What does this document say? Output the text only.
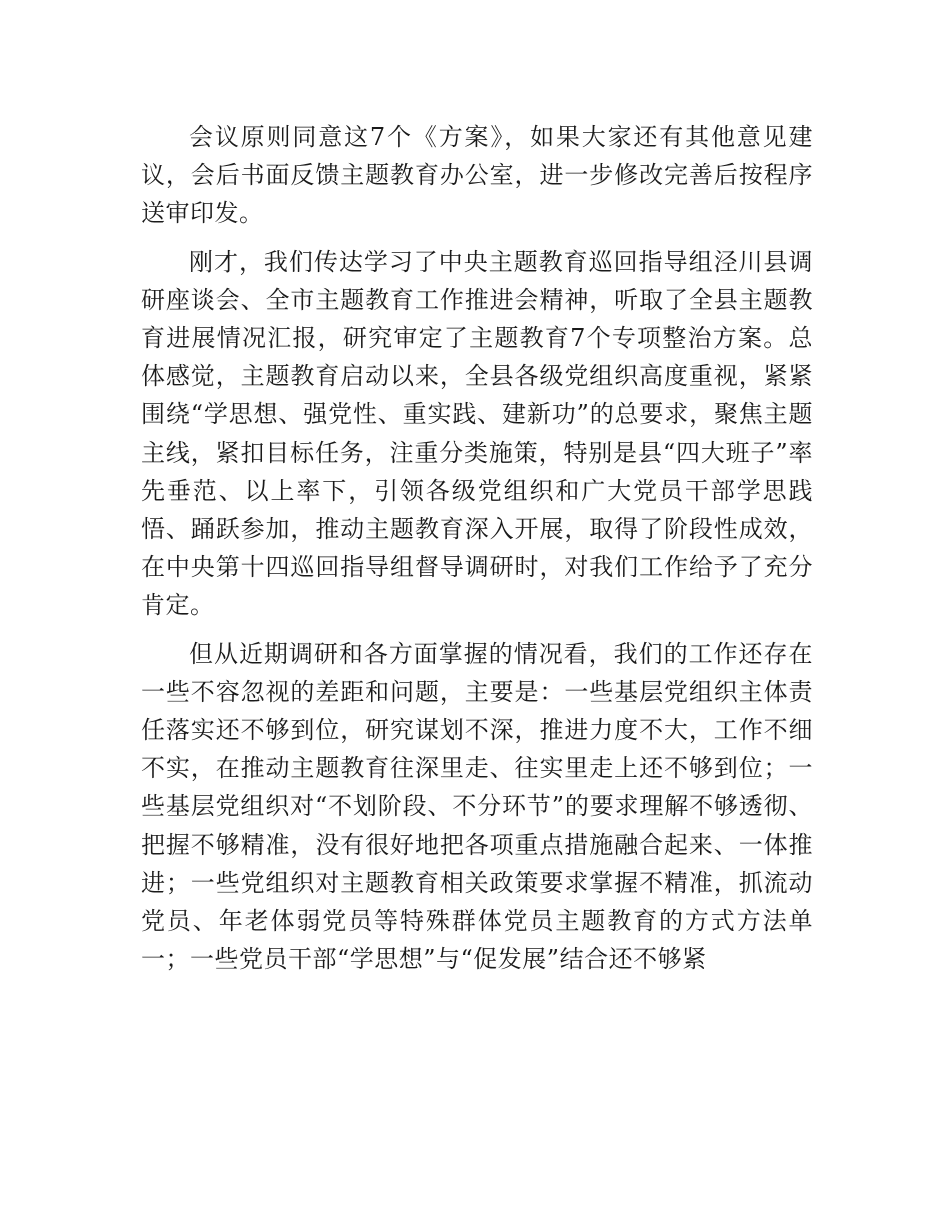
会议原则同意这7个《方案》，如果大家还有其他意见建议，会后书面反馈主题教育办公室，进一步修改完善后按程序送审印发。

刚才，我们传达学习了中央主题教育巡回指导组泾川县调研座谈会、全市主题教育工作推进会精神，听取了全县主题教育进展情况汇报，研究审定了主题教育7个专项整治方案。总体感觉，主题教育启动以来，全县各级党组织高度重视，紧紧围绕“学思想、强党性、重实践、建新功”的总要求，聚焦主题主线，紧扣目标任务，注重分类施策，特别是县“四大班子”率先垂范、以上率下，引领各级党组织和广大党员干部学思践悟、踊跃参加，推动主题教育深入开展，取得了阶段性成效，在中央第十四巡回指导组督导调研时，对我们工作给予了充分肯定。

但从近期调研和各方面掌握的情况看，我们的工作还存在一些不容忽视的差距和问题，主要是：一些基层党组织主体责任落实还不够到位，研究谋划不深，推进力度不大，工作不细不实，在推动主题教育往深里走、往实里走上还不够到位；一些基层党组织对“不划阶段、不分环节”的要求理解不够透彻、把握不够精准，没有很好地把各项重点措施融合起来、一体推进；一些党组织对主题教育相关政策要求掌握不精准，抓流动党员、年老体弱党员等特殊群体党员主题教育的方式方法单一；一些党员干部“学思想”与“促发展”结合还不够紧
